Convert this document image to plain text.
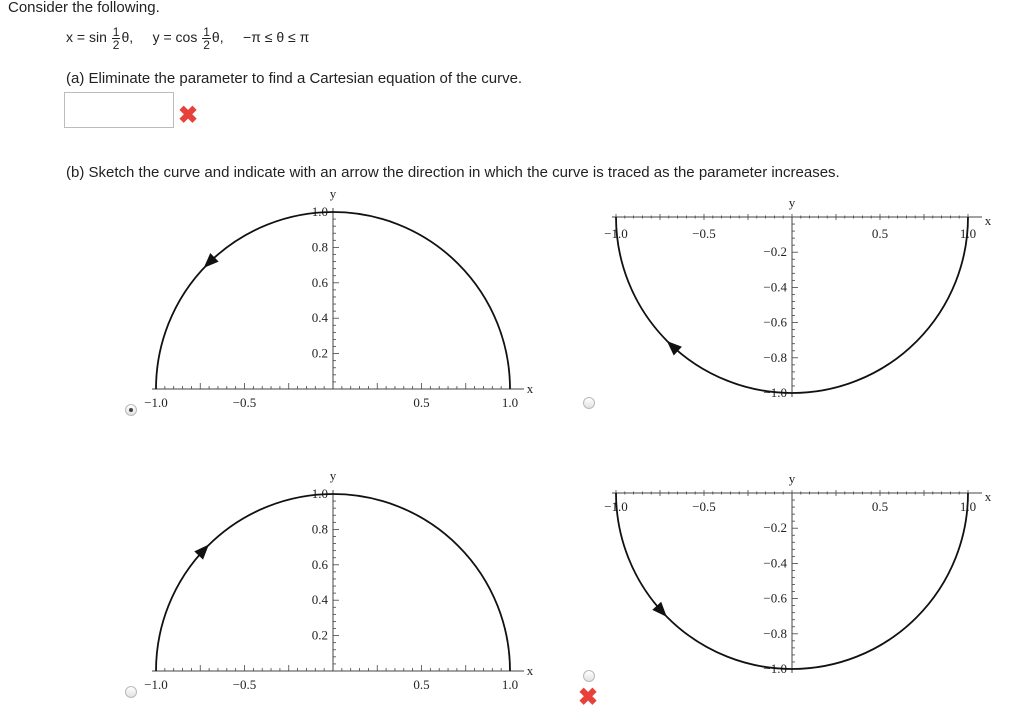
Consider the following.
$x = \sin \frac{1}{2} \theta$, $y = \cos \frac{1}{2} \theta$, −π ≤ θ ≤ π
(a) Eliminate the parameter to find a Cartesian equation of the curve.
✖
(b) Sketch the curve and indicate with an arrow the direction in which the curve is traced as the parameter increases.
✖
−1.0	−0.5	0.5	1.0
0.2
0.4
0.6
0.8
1.0
x
y
−1.0	−0.5	0.5	1.0
−0.2
−0.4
−0.6
−0.8
−1.0
x
y
−1.0	−0.5	0.5	1.0
0.2
0.4
0.6
0.8
1.0
x
y
−1.0	−0.5	0.5	1.0
−0.2
−0.4
−0.6
−0.8
−1.0
x
y
